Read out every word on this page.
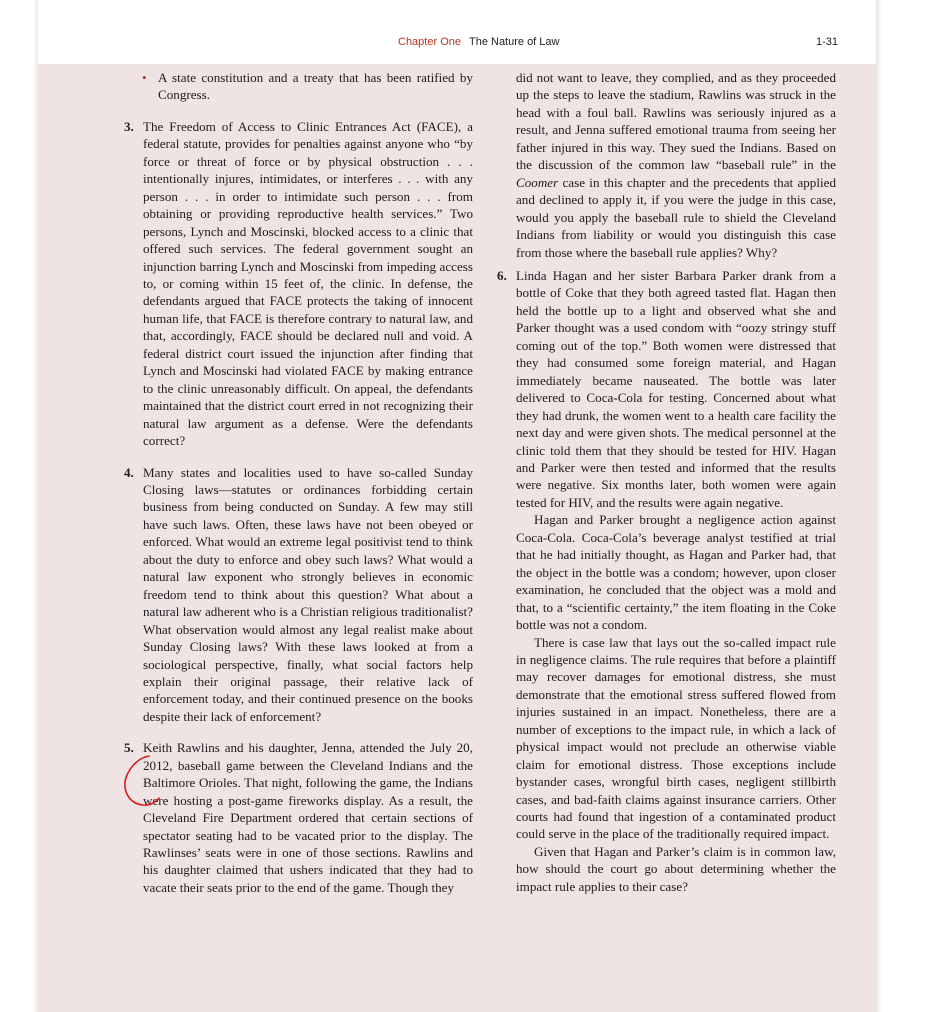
Chapter One The Nature of Law	1-31
• A state constitution and a treaty that has been ratified by Congress.

3. The Freedom of Access to Clinic Entrances Act (FACE), a federal statute, provides for penalties against anyone who “by force or threat of force or by physical obstruction . . . intentionally injures, intimidates, or interferes . . . with any person . . . in order to intimidate such person . . . from obtaining or providing reproductive health services.” Two persons, Lynch and Moscinski, blocked access to a clinic that offered such services. The federal government sought an injunction barring Lynch and Moscinski from impeding access to, or coming within 15 feet of, the clinic. In defense, the defendants argued that FACE protects the taking of innocent human life, that FACE is therefore contrary to natural law, and that, accordingly, FACE should be declared null and void. A federal district court issued the injunction after finding that Lynch and Moscinski had violated FACE by making entrance to the clinic unreasonably difficult. On appeal, the defendants maintained that the district court erred in not recognizing their natural law argument as a defense. Were the defendants correct?

4. Many states and localities used to have so-called Sunday Closing laws—statutes or ordinances forbidding certain business from being conducted on Sunday. A few may still have such laws. Often, these laws have not been obeyed or enforced. What would an extreme legal positivist tend to think about the duty to enforce and obey such laws? What would a natural law exponent who strongly believes in economic freedom tend to think about this question? What about a natural law adherent who is a Christian religious traditionalist? What observation would almost any legal realist make about Sunday Closing laws? With these laws looked at from a sociological perspective, finally, what social factors help explain their original passage, their relative lack of enforcement today, and their continued presence on the books despite their lack of enforcement?

5. Keith Rawlins and his daughter, Jenna, attended the July 20, 2012, baseball game between the Cleveland Indians and the Baltimore Orioles. That night, following the game, the Indians were hosting a post-game fireworks display. As a result, the Cleveland Fire Department ordered that certain sections of spectator seating had to be vacated prior to the display. The Rawlinses’ seats were in one of those sections. Rawlins and his daughter claimed that ushers indicated that they had to vacate their seats prior to the end of the game. Though they

did not want to leave, they complied, and as they proceeded up the steps to leave the stadium, Rawlins was struck in the head with a foul ball. Rawlins was seriously injured as a result, and Jenna suffered emotional trauma from seeing her father injured in this way. They sued the Indians. Based on the discussion of the common law “baseball rule” in the Coomer case in this chapter and the precedents that applied and declined to apply it, if you were the judge in this case, would you apply the baseball rule to shield the Cleveland Indians from liability or would you distinguish this case from those where the baseball rule applies? Why?

6. Linda Hagan and her sister Barbara Parker drank from a bottle of Coke that they both agreed tasted flat. Hagan then held the bottle up to a light and observed what she and Parker thought was a used condom with “oozy stringy stuff coming out of the top.” Both women were distressed that they had consumed some foreign material, and Hagan immediately became nauseated. The bottle was later delivered to Coca-Cola for testing. Concerned about what they had drunk, the women went to a health care facility the next day and were given shots. The medical personnel at the clinic told them that they should be tested for HIV. Hagan and Parker were then tested and informed that the results were negative. Six months later, both women were again tested for HIV, and the results were again negative.

Hagan and Parker brought a negligence action against Coca-Cola. Coca-Cola’s beverage analyst testified at trial that he had initially thought, as Hagan and Parker had, that the object in the bottle was a condom; however, upon closer examination, he concluded that the object was a mold and that, to a “scientific certainty,” the item floating in the Coke bottle was not a condom.

There is case law that lays out the so-called impact rule in negligence claims. The rule requires that before a plaintiff may recover damages for emotional distress, she must demonstrate that the emotional stress suffered flowed from injuries sustained in an impact. Nonetheless, there are a number of exceptions to the impact rule, in which a lack of physical impact would not preclude an otherwise viable claim for emotional distress. Those exceptions include bystander cases, wrongful birth cases, negligent stillbirth cases, and bad-faith claims against insurance carriers. Other courts had found that ingestion of a contaminated product could serve in the place of the traditionally required impact.

Given that Hagan and Parker’s claim is in common law, how should the court go about determining whether the impact rule applies to their case?
